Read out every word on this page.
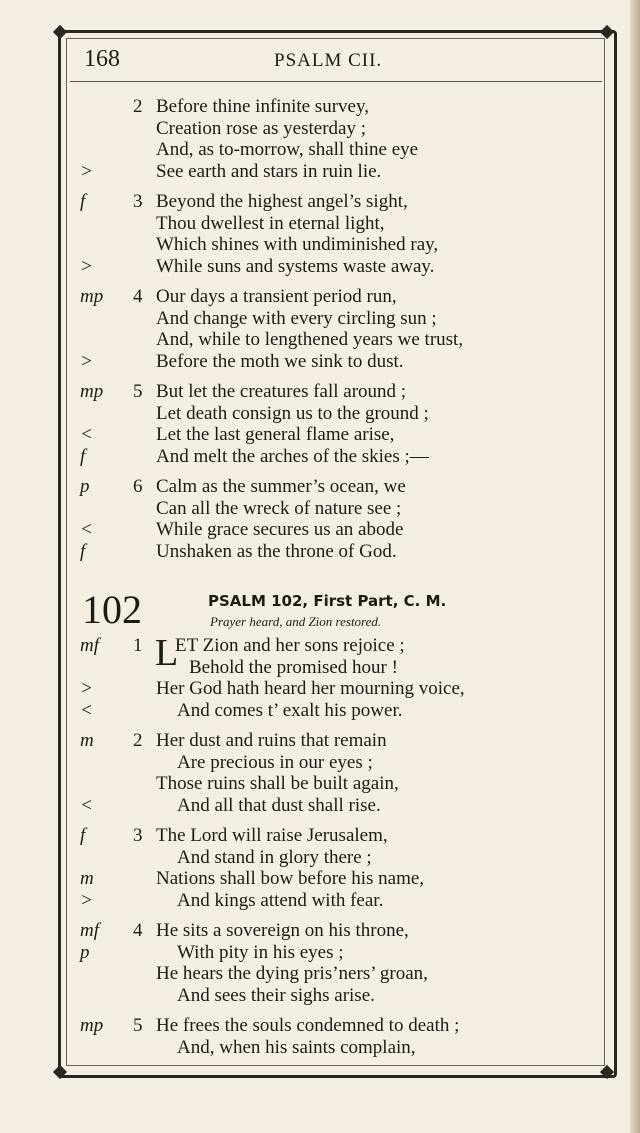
168	PSALM CII.
2 Before thine infinite survey,
Creation rose as yesterday ;
And, as to-morrow, shall thine eye
>	See earth and stars in ruin lie.
f	3 Beyond the highest angel’s sight,
Thou dwellest in eternal light,
Which shines with undiminished ray,
>	While suns and systems waste away.
mp 4 Our days a transient period run,
And change with every circling sun ;
And, while to lengthened years we trust,
>	Before the moth we sink to dust.
mp 5 But let the creatures fall around ;
Let death consign us to the ground ;
<	Let the last general flame arise,
f	And melt the arches of the skies ;—
p 6 Calm as the summer’s ocean, we
Can all the wreck of nature see ;
<	While grace secures us an abode
f	Unshaken as the throne of God.
102	PSALM 102, First Part, C. M.
Prayer heard, and Zion restored.
L
mf 1 ET Zion and her sons rejoice ;
Behold the promised hour !
>	Her God hath heard her mourning voice,
<	And comes t’ exalt his power.
m 2 Her dust and ruins that remain
Are precious in our eyes ;
Those ruins shall be built again,
<	And all that dust shall rise.
f	3 The Lord will raise Jerusalem,
And stand in glory there ;
m	Nations shall bow before his name,
>	And kings attend with fear.
mf 4 He sits a sovereign on his throne,
p	With pity in his eyes ;
He hears the dying pris’ners’ groan,
And sees their sighs arise.
mp 5 He frees the souls condemned to death ;
And, when his saints complain,
